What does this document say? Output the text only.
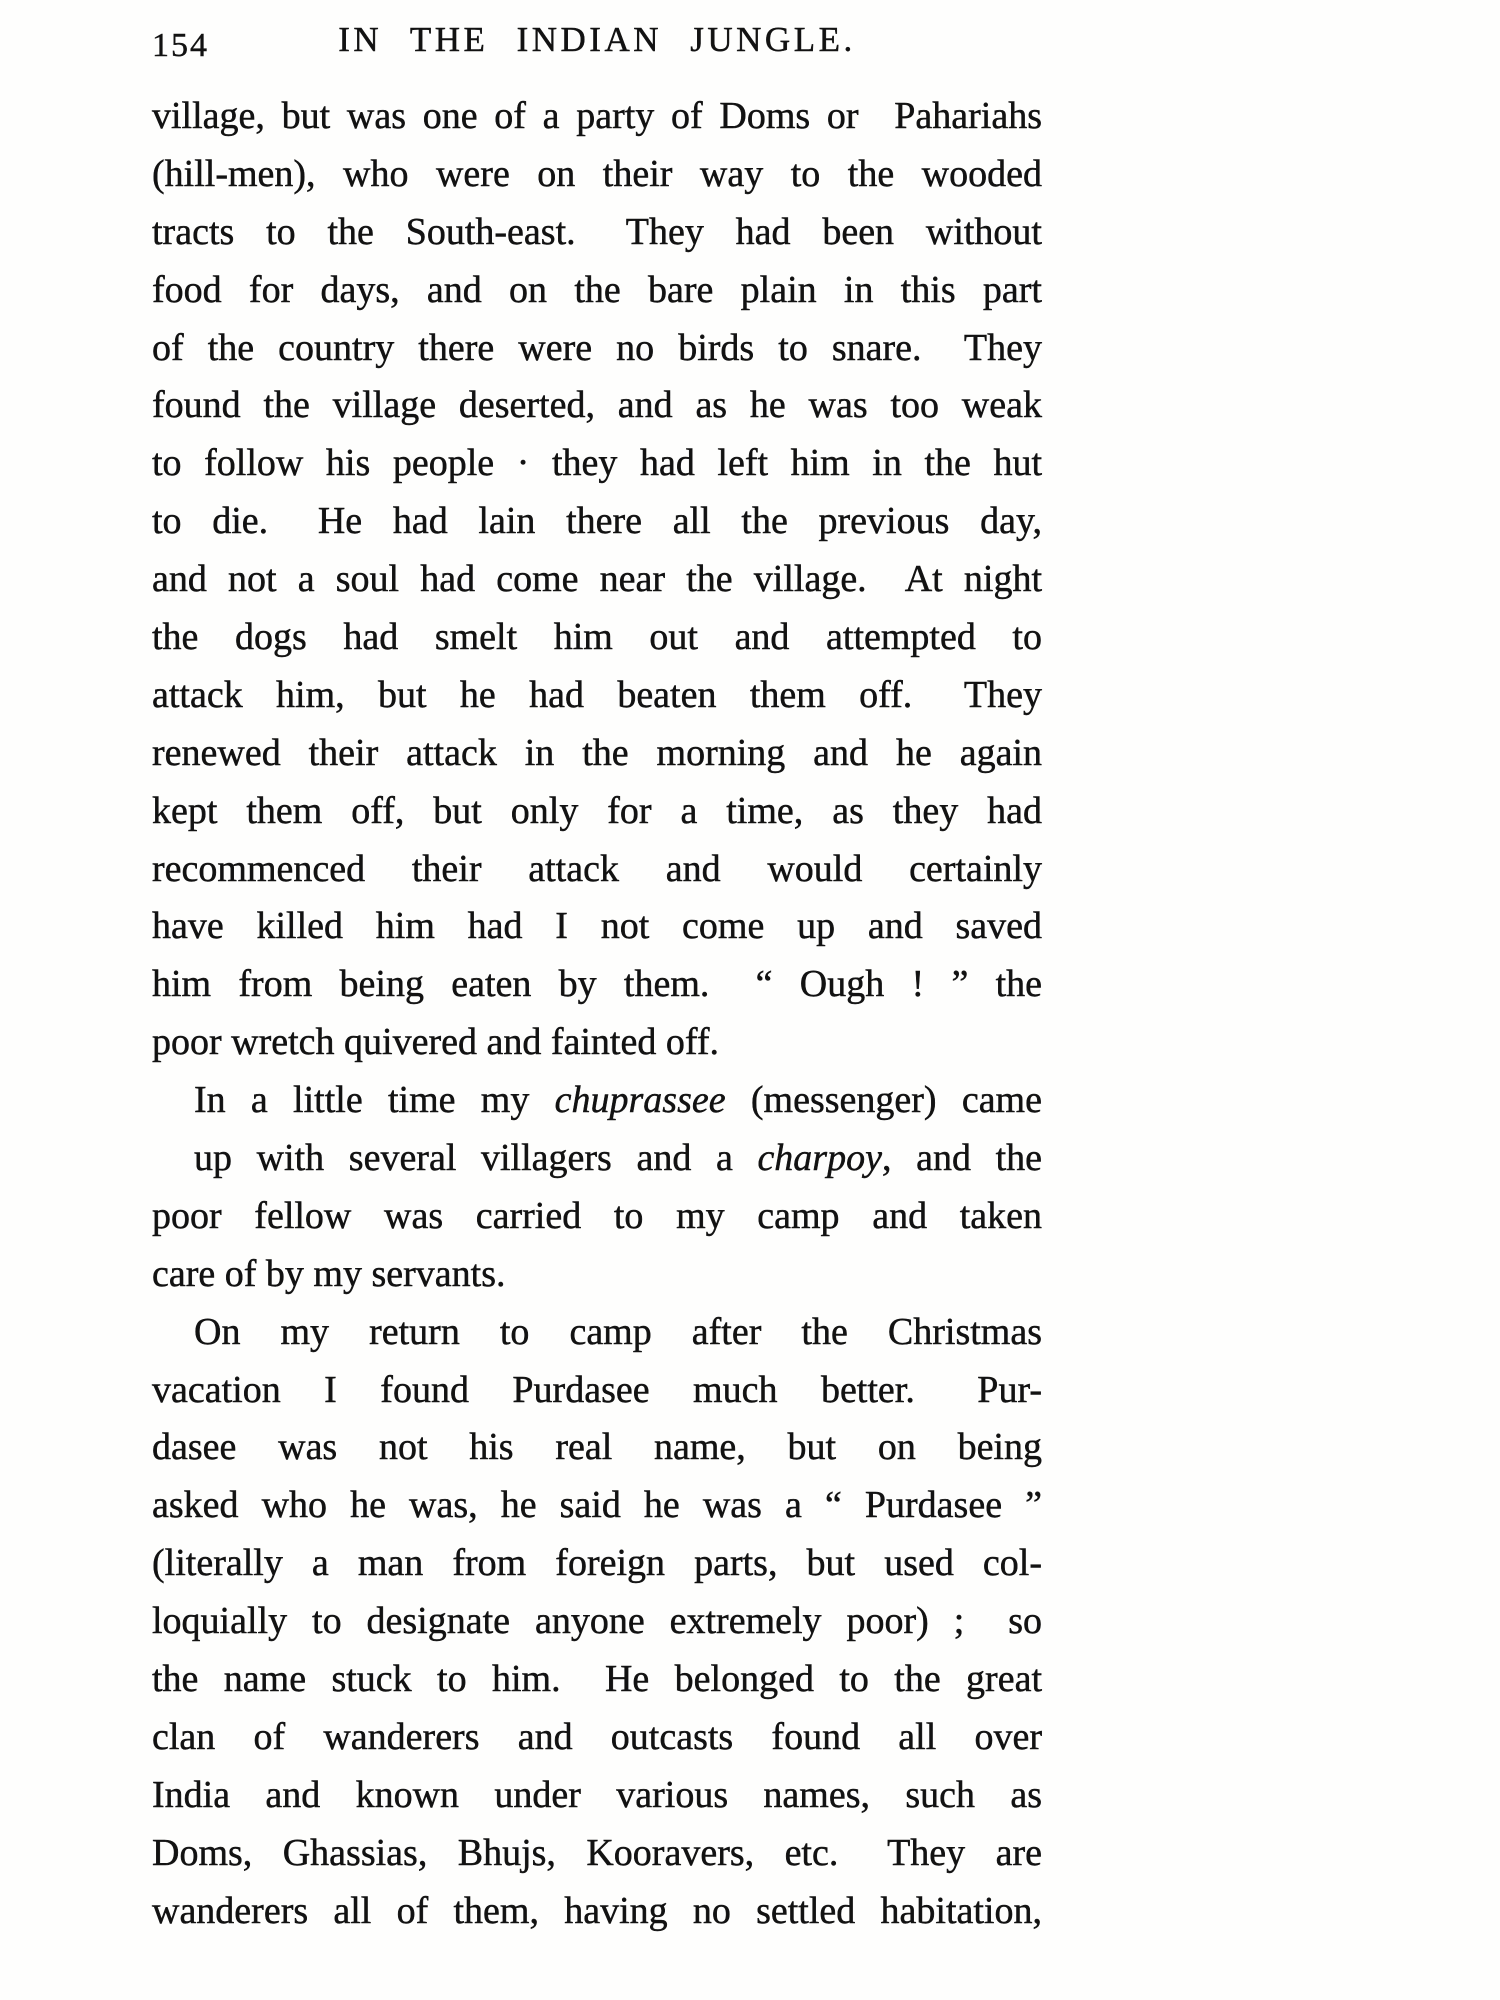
154	IN THE INDIAN JUNGLE.
village, but was one of a party of Doms or  Pahariahs
(hill-men), who were on their way to the wooded
tracts to the South-east.  They had been without
food for days, and on the bare plain in this part
of the country there were no birds to snare.  They
found the village deserted, and as he was too weak
to follow his people · they had left him in the hut
to die.  He had lain there all the previous day,
and not a soul had come near the village.  At night
the dogs had smelt him out and attempted to
attack him, but he had beaten them off.  They
renewed their attack in the morning and he again
kept them off, but only for a time, as they had
recommenced their attack and would certainly
have killed him had I not come up and saved
him from being eaten by them.  “ Ough ! ” the
poor wretch quivered and fainted off.
In a little time my chuprassee (messenger) came
up with several villagers and a charpoy, and the
poor fellow was carried to my camp and taken
care of by my servants.
On my return to camp after the Christmas
vacation I found Purdasee much better.  Pur-
dasee was not his real name, but on being
asked who he was, he said he was a “ Purdasee ”
(literally a man from foreign parts, but used col-
loquially to designate anyone extremely poor) ;  so
the name stuck to him.  He belonged to the great
clan of wanderers and outcasts found all over
India and known under various names, such as
Doms, Ghassias, Bhujs, Kooravers, etc.  They are
wanderers all of them, having no settled habitation,
